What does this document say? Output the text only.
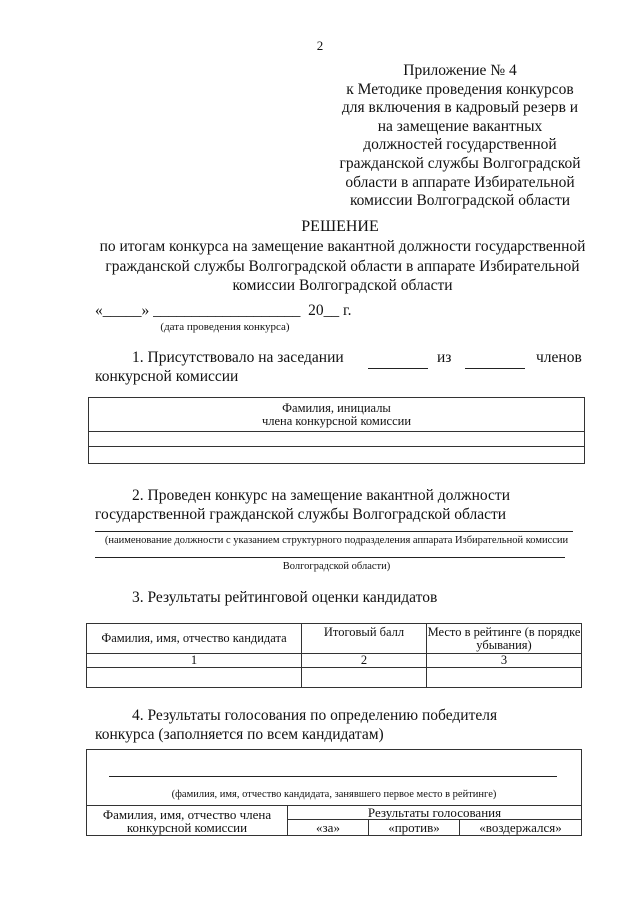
2
Приложение № 4
к Методике проведения конкурсов
для включения в кадровый резерв и
на замещение вакантных
должностей государственной
гражданской службы Волгоградской
области в аппарате Избирательной
комиссии Волгоградской области
РЕШЕНИЕ
по итогам конкурса на замещение вакантной должности государственной
гражданской службы Волгоградской области в аппарате Избирательной
комиссии Волгоградской области
«_____» ___________________  20__ г.
(дата проведения конкурса)
1. Присутствовало на заседании	из	членов
конкурсной комиссии
Фамилия, инициалы
члена конкурсной комиссии

2. Проведен конкурс на замещение вакантной должности
государственной гражданской службы Волгоградской области
(наименование должности с указанием структурного подразделения аппарата Избирательной комиссии
Волгоградской области)
3. Результаты рейтинговой оценки кандидатов
Фамилия, имя, отчество кандидата	Итоговый балл	Место в рейтинге (в порядке убывания)
1	2	3

4. Результаты голосования по определению победителя
конкурса (заполняется по всем кандидатам)
(фамилия, имя, отчество кандидата, занявшего первое место в рейтинге)			

Фамилия, имя, отчество члена конкурсной комиссии	Результаты голосования		
	«за»	«против»	«воздержался»
